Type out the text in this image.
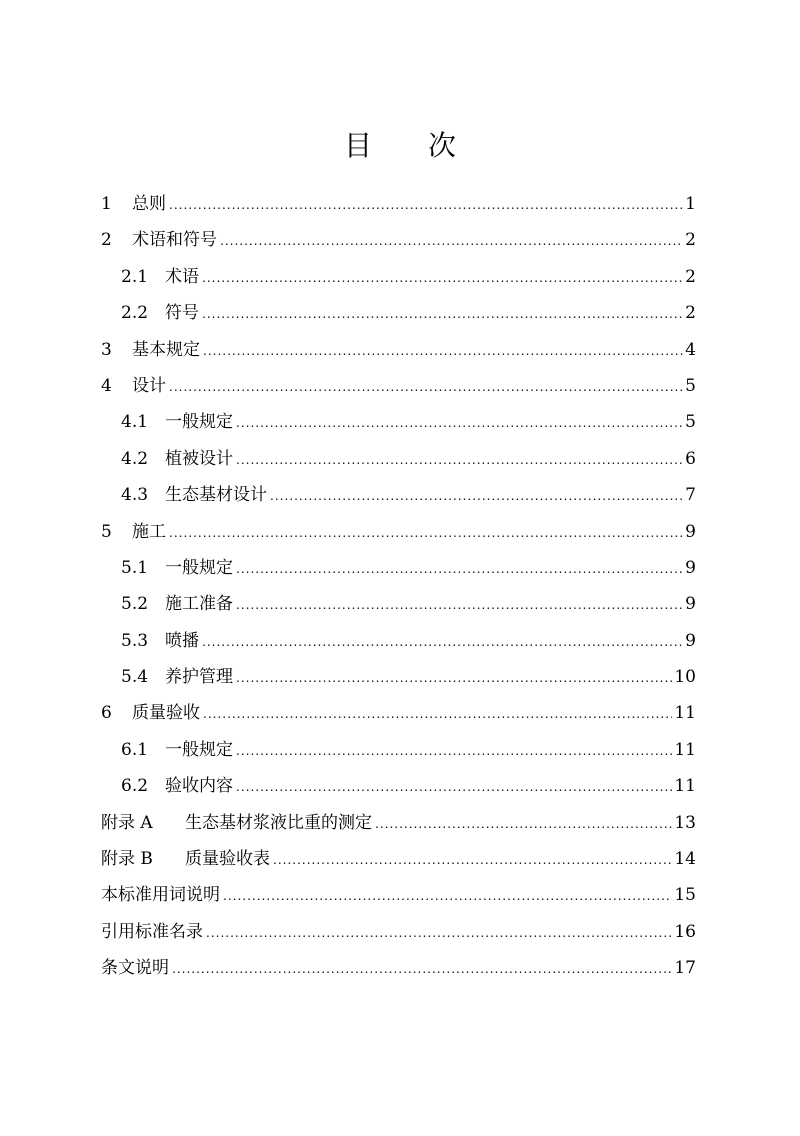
目 次
1	总则 .....	1
2	术语和符号 .....	2
2.1 术语 .....	2
2.2 符号 .....	2
3	基本规定 .....	4
4	设计 .....	5
4.1 一般规定 .....	5
4.2 植被设计 .....	6
4.3 生态基材设计 .....	7
5	施工 .....	9
5.1 一般规定 .....	9
5.2 施工准备 .....	9
5.3 喷播 .....	9
5.4 养护管理 .....	10
6	质量验收 .....	11
6.1 一般规定 .....	11
6.2 验收内容 .....	11
附录 A	生态基材浆液比重的测定 .....	13
附录 B	质量验收表 .....	14
本标准用词说明 .....	15
引用标准名录 .....	16
条文说明 .....	17
